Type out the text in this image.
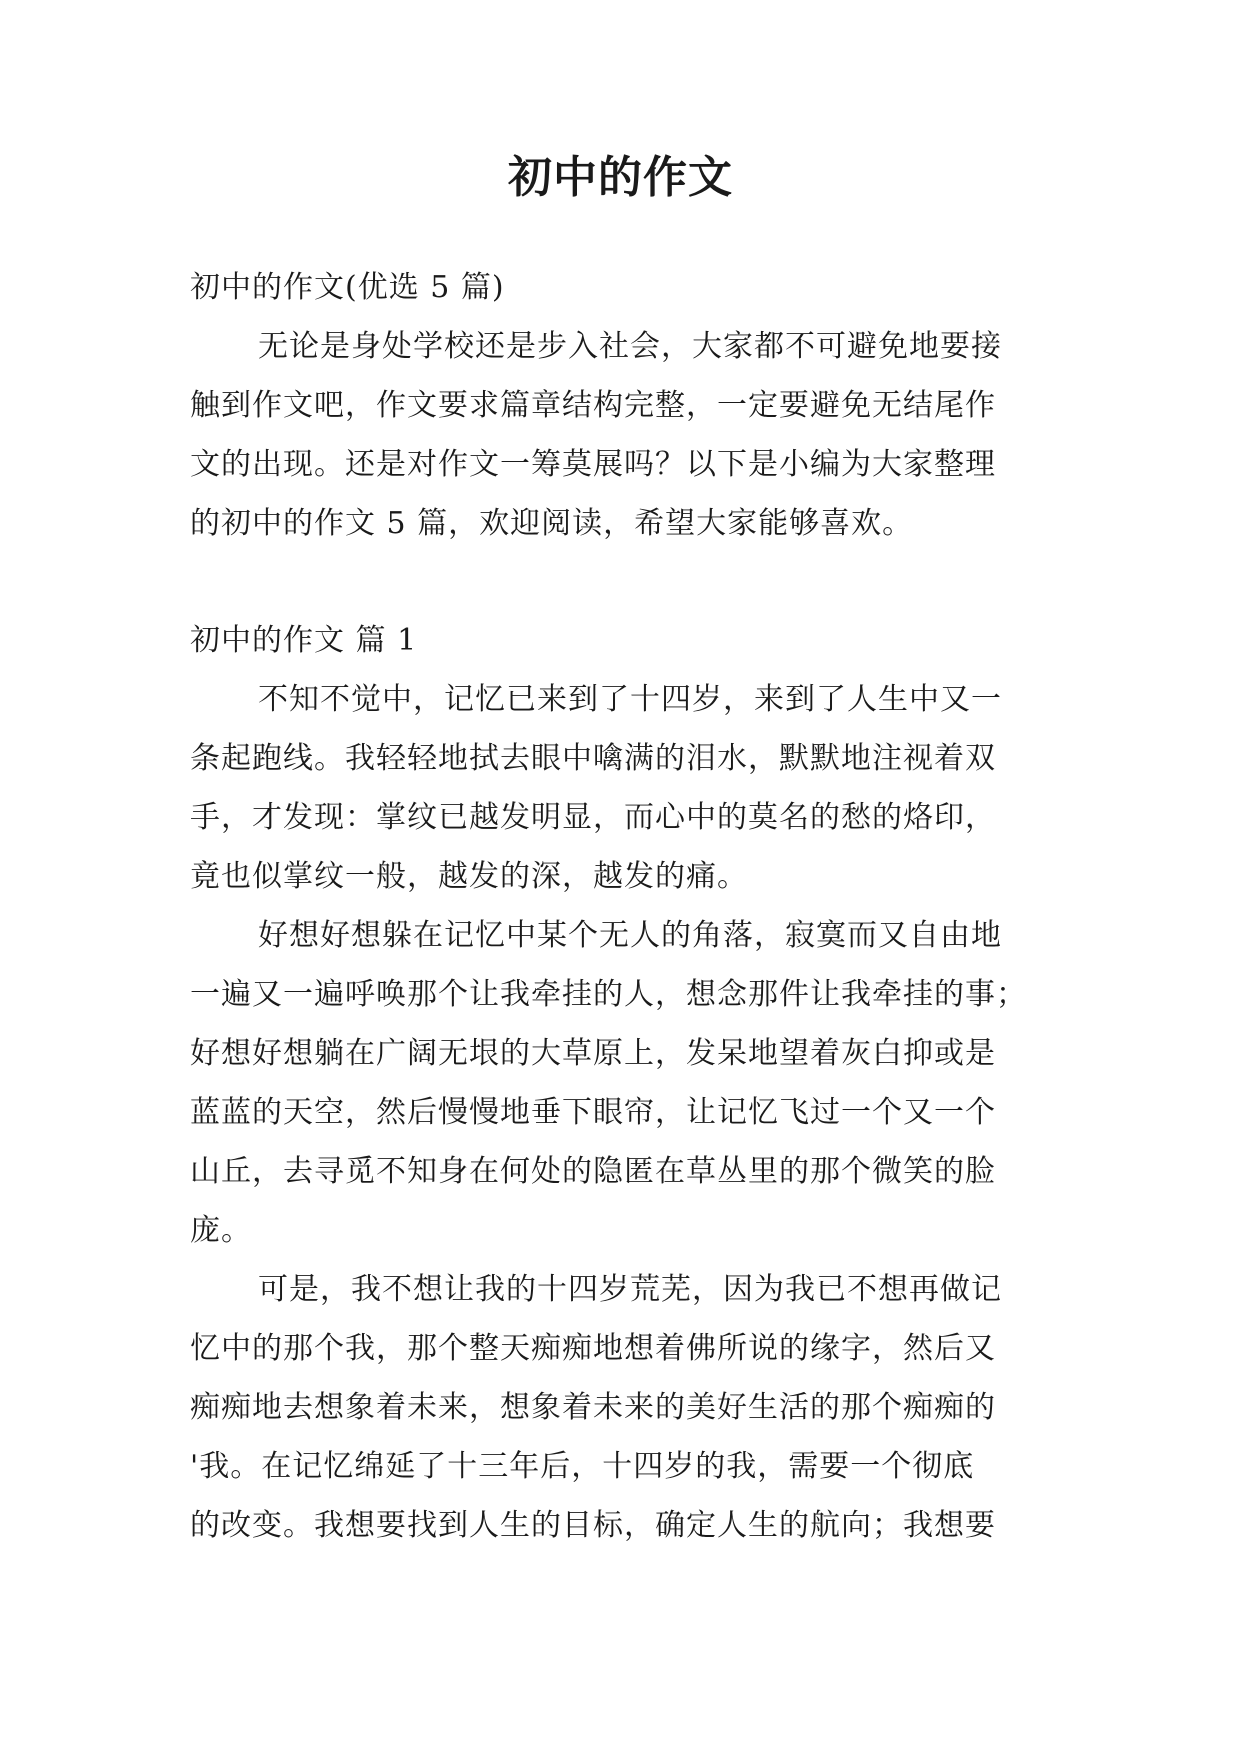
初中的作文
初中的作文(优选 5 篇)
无论是身处学校还是步入社会，大家都不可避免地要接
触到作文吧，作文要求篇章结构完整，一定要避免无结尾作
文的出现。还是对作文一筹莫展吗？以下是小编为大家整理
的初中的作文 5 篇，欢迎阅读，希望大家能够喜欢。
初中的作文 篇 1
不知不觉中，记忆已来到了十四岁，来到了人生中又一
条起跑线。我轻轻地拭去眼中噙满的泪水，默默地注视着双
手，才发现：掌纹已越发明显，而心中的莫名的愁的烙印，
竟也似掌纹一般，越发的深，越发的痛。
好想好想躲在记忆中某个无人的角落，寂寞而又自由地
一遍又一遍呼唤那个让我牵挂的人，想念那件让我牵挂的事；
好想好想躺在广阔无垠的大草原上，发呆地望着灰白抑或是
蓝蓝的天空，然后慢慢地垂下眼帘，让记忆飞过一个又一个
山丘，去寻觅不知身在何处的隐匿在草丛里的那个微笑的脸
庞。
可是，我不想让我的十四岁荒芜，因为我已不想再做记
忆中的那个我，那个整天痴痴地想着佛所说的缘字，然后又
痴痴地去想象着未来，想象着未来的美好生活的那个痴痴的
'我。在记忆绵延了十三年后，十四岁的我，需要一个彻底
的改变。我想要找到人生的目标，确定人生的航向；我想要
